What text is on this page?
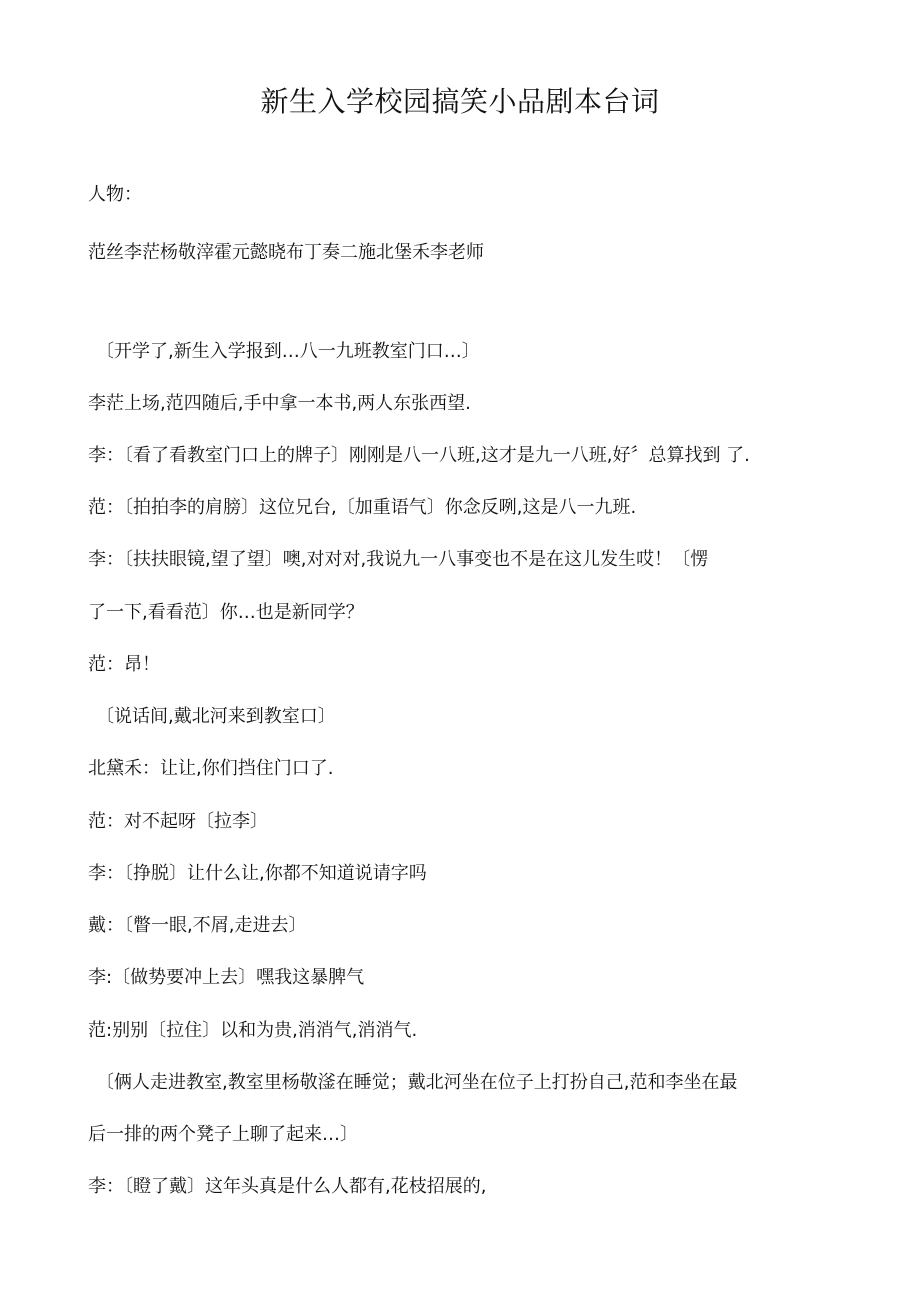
新生入学校园搞笑小品剧本台词
人物：
范丝李茫杨敬滓霍元懿晓布丁奏二施北堡禾李老师
〔开学了,新生入学报到…八一九班教室门口…〕
李茫上场,范四随后,手中拿一本书,两人东张西望.
李：〔看了看教室门口上的牌子〕刚刚是八一八班,这才是九一八班,好〞总算找到 了.
范：〔拍拍李的肩膀〕这位兄台,〔加重语气〕你念反咧,这是八一九班.
李：〔扶扶眼镜,望了望〕噢,对对对,我说九一八事变也不是在这儿发生哎！〔愣
了一下,看看范〕你…也是新同学？
范：昂！
〔说话间,戴北河来到教室口〕
北黛禾：让让,你们挡住门口了.
范：对不起呀〔拉李〕
李：〔挣脱〕让什么让,你都不知道说请字吗
戴：〔瞥一眼,不屑,走进去〕
李:〔做势要冲上去〕嘿我这暴脾气
范:别别〔拉住〕以和为贵,消消气,消消气.
〔俩人走进教室,教室里杨敬滏在睡觉；戴北河坐在位子上打扮自己,范和李坐在最
后一排的两个凳子上聊了起来…〕
李：〔瞪了戴〕这年头真是什么人都有,花枝招展的,
